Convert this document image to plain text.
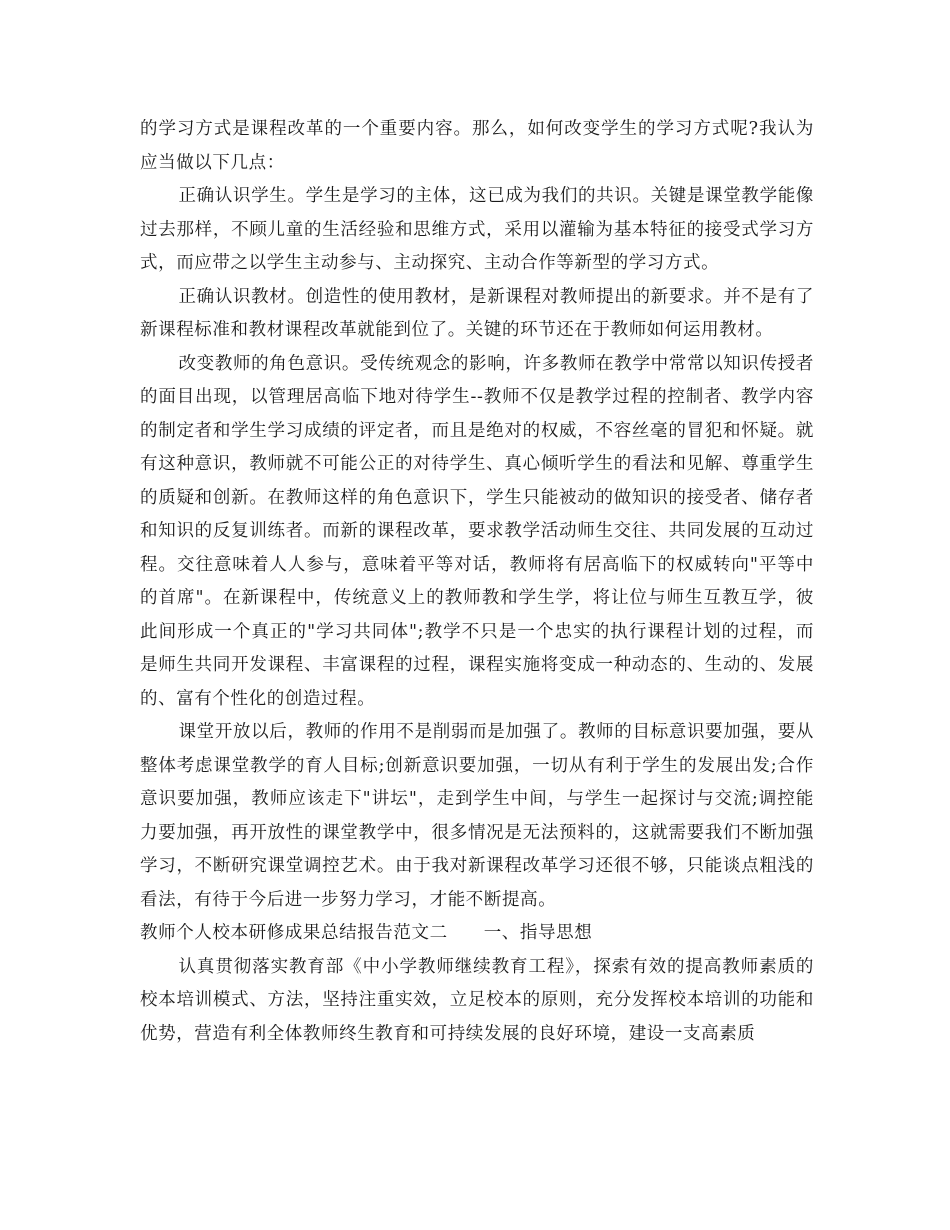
的学习方式是课程改革的一个重要内容。那么，如何改变学生的学习方式呢?我认为应当做以下几点：

正确认识学生。学生是学习的主体，这已成为我们的共识。关键是课堂教学能像过去那样，不顾儿童的生活经验和思维方式，采用以灌输为基本特征的接受式学习方式，而应带之以学生主动参与、主动探究、主动合作等新型的学习方式。

正确认识教材。创造性的使用教材，是新课程对教师提出的新要求。并不是有了新课程标准和教材课程改革就能到位了。关键的环节还在于教师如何运用教材。

改变教师的角色意识。受传统观念的影响，许多教师在教学中常常以知识传授者的面目出现，以管理居高临下地对待学生--教师不仅是教学过程的控制者、教学内容的制定者和学生学习成绩的评定者，而且是绝对的权威，不容丝毫的冒犯和怀疑。就有这种意识，教师就不可能公正的对待学生、真心倾听学生的看法和见解、尊重学生的质疑和创新。在教师这样的角色意识下，学生只能被动的做知识的接受者、储存者和知识的反复训练者。而新的课程改革，要求教学活动师生交往、共同发展的互动过程。交往意味着人人参与，意味着平等对话，教师将有居高临下的权威转向"平等中的首席"。在新课程中，传统意义上的教师教和学生学，将让位与师生互教互学，彼此间形成一个真正的"学习共同体";教学不只是一个忠实的执行课程计划的过程，而是师生共同开发课程、丰富课程的过程，课程实施将变成一种动态的、生动的、发展的、富有个性化的创造过程。

课堂开放以后，教师的作用不是削弱而是加强了。教师的目标意识要加强，要从整体考虑课堂教学的育人目标;创新意识要加强，一切从有利于学生的发展出发;合作意识要加强，教师应该走下"讲坛"，走到学生中间，与学生一起探讨与交流;调控能力要加强，再开放性的课堂教学中，很多情况是无法预料的，这就需要我们不断加强学习，不断研究课堂调控艺术。由于我对新课程改革学习还很不够，只能谈点粗浅的看法，有待于今后进一步努力学习，才能不断提高。

教师个人校本研修成果总结报告范文二 一、指导思想

认真贯彻落实教育部《中小学教师继续教育工程》，探索有效的提高教师素质的校本培训模式、方法，坚持注重实效，立足校本的原则，充分发挥校本培训的功能和优势，营造有利全体教师终生教育和可持续发展的良好环境，建设一支高素质
